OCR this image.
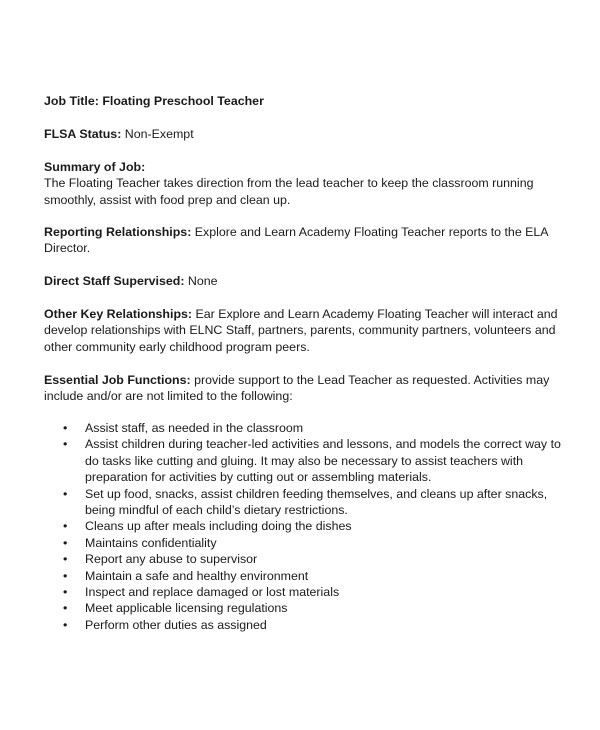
Job Title: Floating Preschool Teacher
FLSA Status: Non-Exempt
Summary of Job:
The Floating Teacher takes direction from the lead teacher to keep the classroom running
smoothly, assist with food prep and clean up.
Reporting Relationships: Explore and Learn Academy Floating Teacher reports to the ELA
Director.
Direct Staff Supervised: None
Other Key Relationships: Ear Explore and Learn Academy Floating Teacher will interact and
develop relationships with ELNC Staff, partners, parents, community partners, volunteers and
other community early childhood program peers.
Essential Job Functions: provide support to the Lead Teacher as requested. Activities may
include and/or are not limited to the following:
• Assist staff, as needed in the classroom
• Assist children during teacher-led activities and lessons, and models the correct way to
do tasks like cutting and gluing. It may also be necessary to assist teachers with
preparation for activities by cutting out or assembling materials.
• Set up food, snacks, assist children feeding themselves, and cleans up after snacks,
being mindful of each child’s dietary restrictions.
• Cleans up after meals including doing the dishes
• Maintains confidentiality
• Report any abuse to supervisor
• Maintain a safe and healthy environment
• Inspect and replace damaged or lost materials
• Meet applicable licensing regulations
• Perform other duties as assigned
